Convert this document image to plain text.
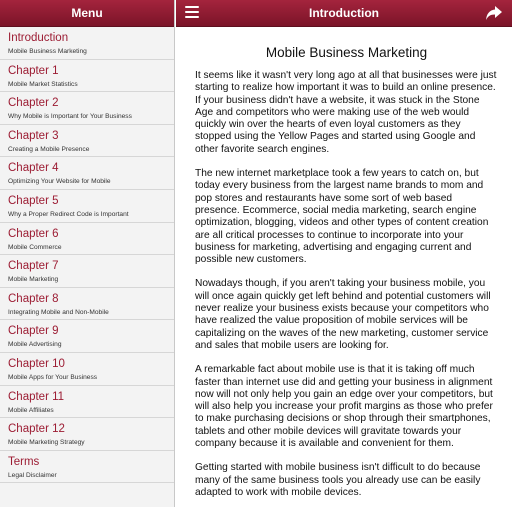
Menu
Introduction
Mobile Business Marketing
Chapter 1
Mobile Market Statistics
Chapter 2
Why Mobile is Important for Your Business
Chapter 3
Creating a Mobile Presence
Chapter 4
Optimizing Your Website for Mobile
Chapter 5
Why a Proper Redirect Code is Important
Chapter 6
Mobile Commerce
Chapter 7
Mobile Marketing
Chapter 8
Integrating Mobile and Non-Mobile
Chapter 9
Mobile Advertising
Chapter 10
Mobile Apps for Your Business
Chapter 11
Mobile Affiliates
Chapter 12
Mobile Marketing Strategy
Terms
Legal Disclaimer
Introduction
Mobile Business Marketing

It seems like it wasn't very long ago at all that businesses were just starting to realize how important it was to build an online presence. If your business didn't have a website, it was stuck in the Stone Age and competitors who were making use of the web would quickly win over the hearts of even loyal customers as they stopped using the Yellow Pages and started using Google and other favorite search engines.

The new internet marketplace took a few years to catch on, but today every business from the largest name brands to mom and pop stores and restaurants have some sort of web based presence. Ecommerce, social media marketing, search engine optimization, blogging, videos and other types of content creation are all critical processes to continue to incorporate into your business for marketing, advertising and engaging current and possible new customers.

Nowadays though, if you aren't taking your business mobile, you will once again quickly get left behind and potential customers will never realize your business exists because your competitors who have realized the value proposition of mobile services will be capitalizing on the waves of the new marketing, customer service and sales that mobile users are looking for.

A remarkable fact about mobile use is that it is taking off much faster than internet use did and getting your business in alignment now will not only help you gain an edge over your competitors, but will also help you increase your profit margins as those who prefer to make purchasing decisions or shop through their smartphones, tablets and other mobile devices will gravitate towards your company because it is available and convenient for them.

Getting started with mobile business isn't difficult to do because many of the same business tools you already use can be easily adapted to work with mobile devices.
